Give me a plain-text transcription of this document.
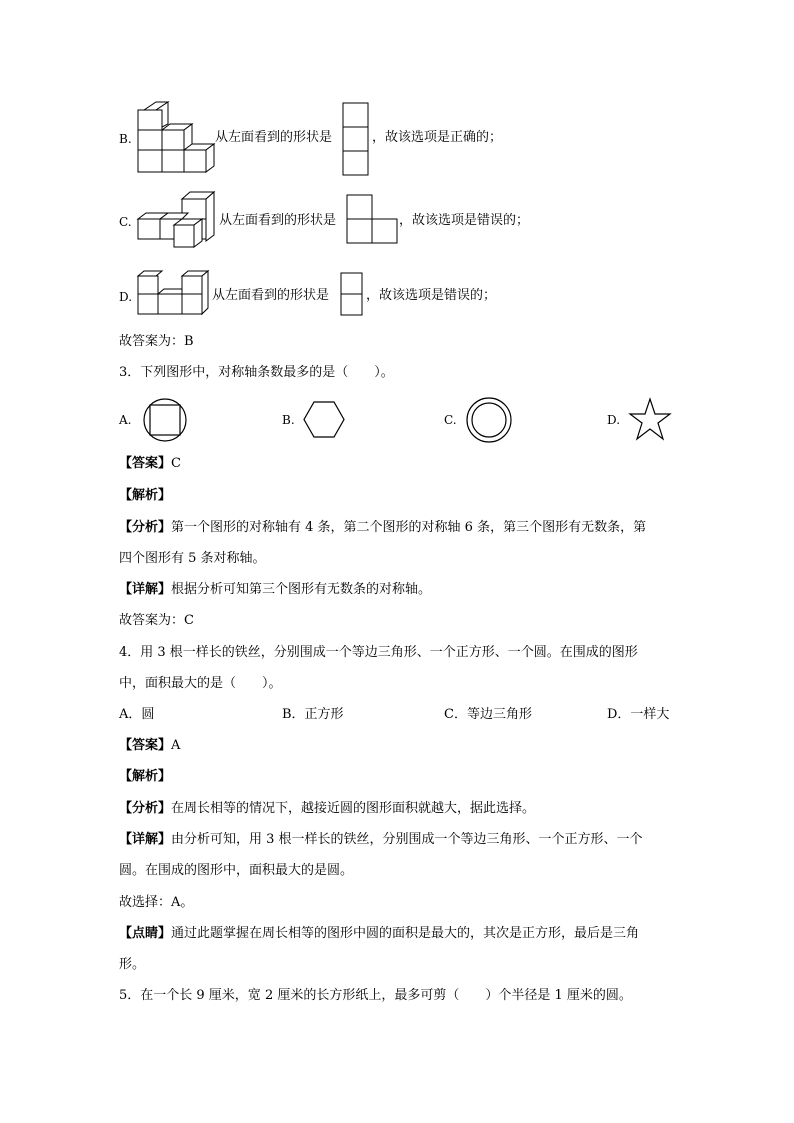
B.	从左面看到的形状是	，故该选项是正确的；
C.	从左面看到的形状是	，故该选项是错误的；
D.	从左面看到的形状是	，故该选项是错误的；
故答案为：B
3．下列图形中，对称轴条数最多的是（　　）。
A.	B.	C.	D.
【答案】C
【解析】
【分析】第一个图形的对称轴有 4 条，第二个图形的对称轴 6 条，第三个图形有无数条，第
四个图形有 5 条对称轴。
【详解】根据分析可知第三个图形有无数条的对称轴。
故答案为：C
4．用 3 根一样长的铁丝，分别围成一个等边三角形、一个正方形、一个圆。在围成的图形
中，面积最大的是（　　）。
A．圆	B．正方形	C．等边三角形	D．一样大
【答案】A
【解析】
【分析】在周长相等的情况下，越接近圆的图形面积就越大，据此选择。
【详解】由分析可知，用 3 根一样长的铁丝，分别围成一个等边三角形、一个正方形、一个
圆。在围成的图形中，面积最大的是圆。
故选择：A。
【点睛】通过此题掌握在周长相等的图形中圆的面积是最大的，其次是正方形，最后是三角
形。
5．在一个长 9 厘米，宽 2 厘米的长方形纸上，最多可剪（　　）个半径是 1 厘米的圆。
